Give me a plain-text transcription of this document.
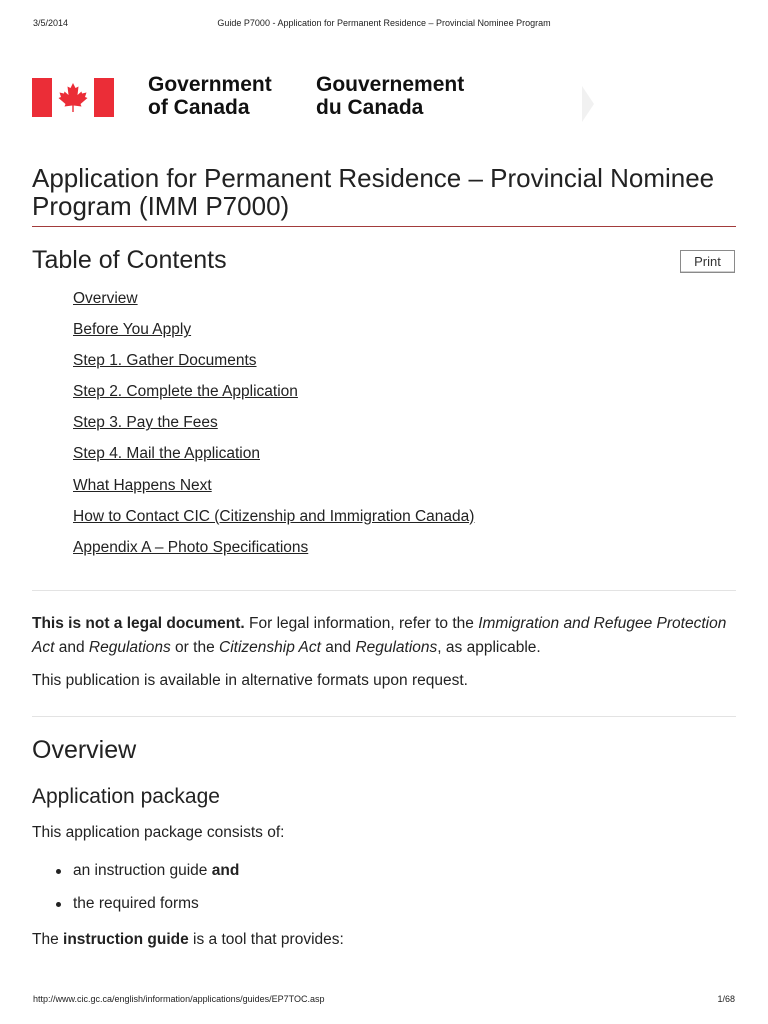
3/5/2014	Guide P7000 - Application for Permanent Residence – Provincial Nominee Program
Government
of Canada
Gouvernement
du Canada
Application for Permanent Residence – Provincial Nominee Program (IMM P7000)
Table of Contents	Print
Overview
Before You Apply
Step 1. Gather Documents
Step 2. Complete the Application
Step 3. Pay the Fees
Step 4. Mail the Application
What Happens Next
How to Contact CIC (Citizenship and Immigration Canada)
Appendix A – Photo Specifications

This is not a legal document. For legal information, refer to the Immigration and Refugee Protection Act and Regulations or the Citizenship Act and Regulations, as applicable.

This publication is available in alternative formats upon request.

Overview
Application package

This application package consists of:

an instruction guide and
the required forms

The instruction guide is a tool that provides:

http://www.cic.gc.ca/english/information/applications/guides/EP7TOC.asp	1/68
